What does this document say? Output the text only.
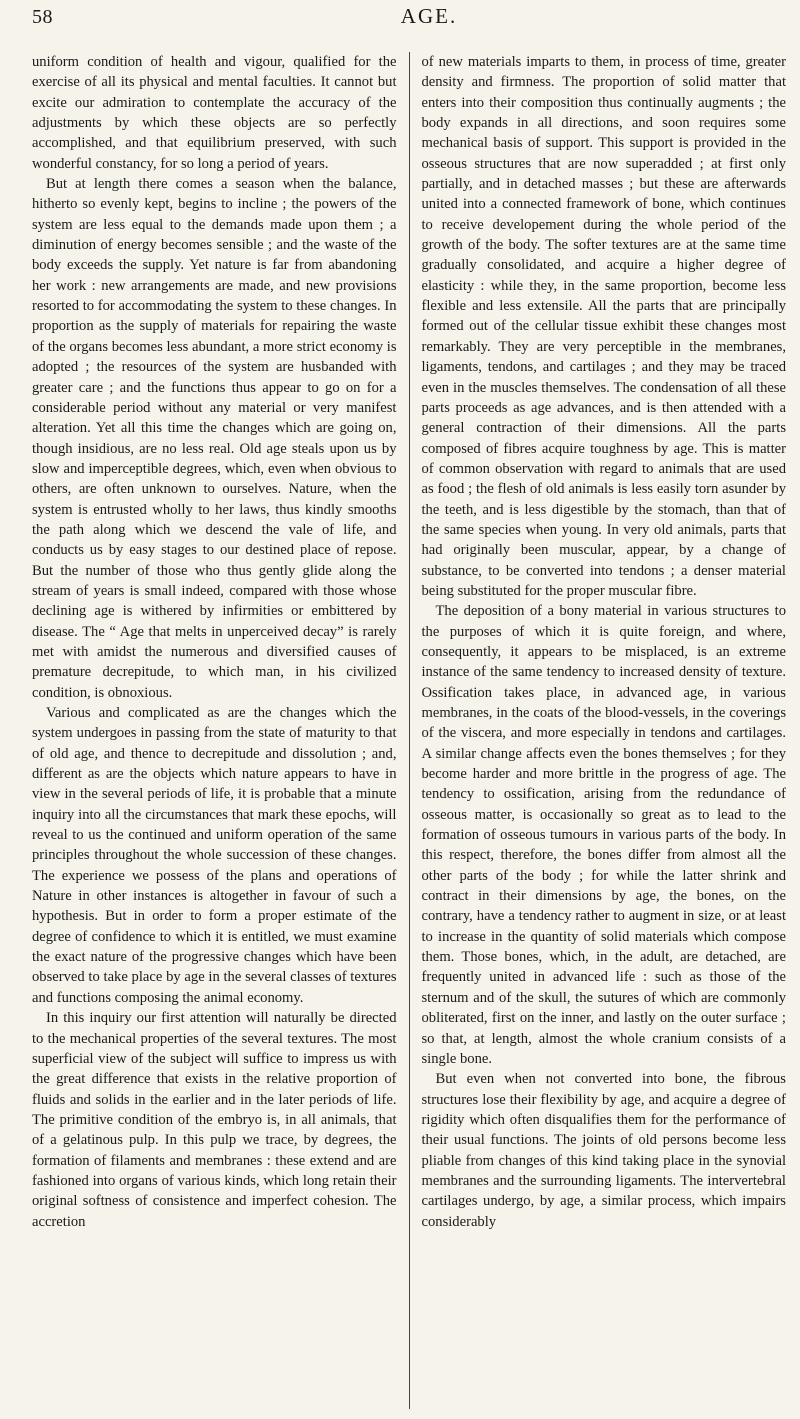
58	AGE.

uniform condition of health and vigour, qualified for the exercise of all its physical and mental faculties. It cannot but excite our admiration to contemplate the accuracy of the adjustments by which these objects are so perfectly accomplished, and that equilibrium preserved, with such wonderful constancy, for so long a period of years.

But at length there comes a season when the balance, hitherto so evenly kept, begins to incline ; the powers of the system are less equal to the demands made upon them ; a diminution of energy becomes sensible ; and the waste of the body exceeds the supply. Yet nature is far from abandoning her work : new arrangements are made, and new provisions resorted to for accommodating the system to these changes. In proportion as the supply of materials for repairing the waste of the organs becomes less abundant, a more strict economy is adopted ; the resources of the system are husbanded with greater care ; and the functions thus appear to go on for a considerable period without any material or very manifest alteration. Yet all this time the changes which are going on, though insidious, are no less real. Old age steals upon us by slow and imperceptible degrees, which, even when obvious to others, are often unknown to ourselves. Nature, when the system is entrusted wholly to her laws, thus kindly smooths the path along which we descend the vale of life, and conducts us by easy stages to our destined place of repose. But the number of those who thus gently glide along the stream of years is small indeed, compared with those whose declining age is withered by infirmities or embittered by disease. The “ Age that melts in unperceived decay” is rarely met with amidst the numerous and diversified causes of premature decrepitude, to which man, in his civilized condition, is obnoxious.

Various and complicated as are the changes which the system undergoes in passing from the state of maturity to that of old age, and thence to decrepitude and dissolution ; and, different as are the objects which nature appears to have in view in the several periods of life, it is probable that a minute inquiry into all the circumstances that mark these epochs, will reveal to us the continued and uniform operation of the same principles throughout the whole succession of these changes. The experience we possess of the plans and operations of Nature in other instances is altogether in favour of such a hypothesis. But in order to form a proper estimate of the degree of confidence to which it is entitled, we must examine the exact nature of the progressive changes which have been observed to take place by age in the several classes of textures and functions composing the animal economy.

In this inquiry our first attention will naturally be directed to the mechanical properties of the several textures. The most superficial view of the subject will suffice to impress us with the great difference that exists in the relative proportion of fluids and solids in the earlier and in the later periods of life. The primitive condition of the embryo is, in all animals, that of a gelatinous pulp. In this pulp we trace, by degrees, the formation of filaments and membranes : these extend and are fashioned into organs of various kinds, which long retain their original softness of consistence and imperfect cohesion. The accretion

of new materials imparts to them, in process of time, greater density and firmness. The proportion of solid matter that enters into their composition thus continually augments ; the body expands in all directions, and soon requires some mechanical basis of support. This support is provided in the osseous structures that are now superadded ; at first only partially, and in detached masses ; but these are afterwards united into a connected framework of bone, which continues to receive developement during the whole period of the growth of the body. The softer textures are at the same time gradually consolidated, and acquire a higher degree of elasticity : while they, in the same proportion, become less flexible and less extensile. All the parts that are principally formed out of the cellular tissue exhibit these changes most remarkably. They are very perceptible in the membranes, ligaments, tendons, and cartilages ; and they may be traced even in the muscles themselves. The condensation of all these parts proceeds as age advances, and is then attended with a general contraction of their dimensions. All the parts composed of fibres acquire toughness by age. This is matter of common observation with regard to animals that are used as food ; the flesh of old animals is less easily torn asunder by the teeth, and is less digestible by the stomach, than that of the same species when young. In very old animals, parts that had originally been muscular, appear, by a change of substance, to be converted into tendons ; a denser material being substituted for the proper muscular fibre.

The deposition of a bony material in various structures to the purposes of which it is quite foreign, and where, consequently, it appears to be misplaced, is an extreme instance of the same tendency to increased density of texture. Ossification takes place, in advanced age, in various membranes, in the coats of the blood-vessels, in the coverings of the viscera, and more especially in tendons and cartilages. A similar change affects even the bones themselves ; for they become harder and more brittle in the progress of age. The tendency to ossification, arising from the redundance of osseous matter, is occasionally so great as to lead to the formation of osseous tumours in various parts of the body. In this respect, therefore, the bones differ from almost all the other parts of the body ; for while the latter shrink and contract in their dimensions by age, the bones, on the contrary, have a tendency rather to augment in size, or at least to increase in the quantity of solid materials which compose them. Those bones, which, in the adult, are detached, are frequently united in advanced life : such as those of the sternum and of the skull, the sutures of which are commonly obliterated, first on the inner, and lastly on the outer surface ; so that, at length, almost the whole cranium consists of a single bone.

But even when not converted into bone, the fibrous structures lose their flexibility by age, and acquire a degree of rigidity which often disqualifies them for the performance of their usual functions. The joints of old persons become less pliable from changes of this kind taking place in the synovial membranes and the surrounding ligaments. The intervertebral cartilages undergo, by age, a similar process, which impairs considerably
